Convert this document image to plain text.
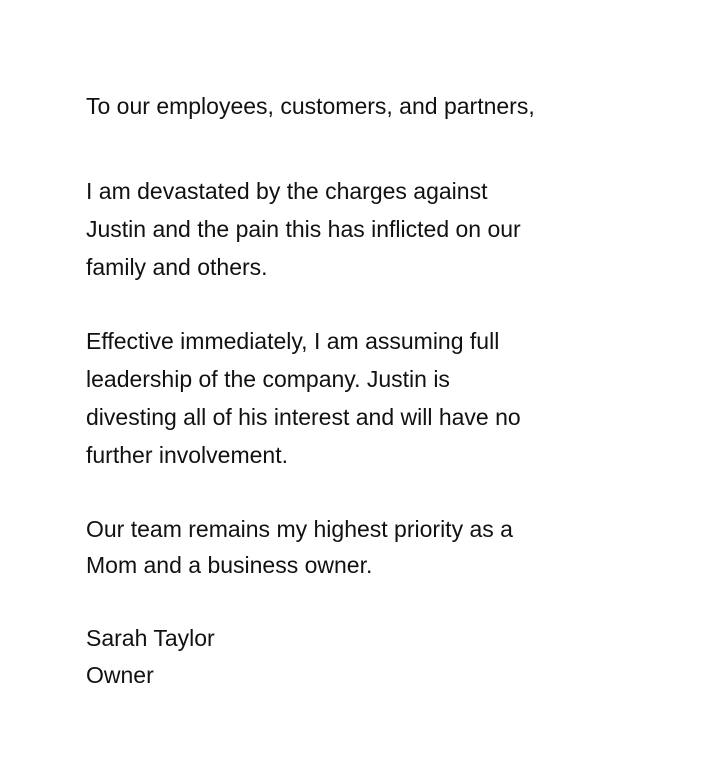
To our employees, customers, and partners,
I am devastated by the charges against
Justin and the pain this has inflicted on our
family and others.
Effective immediately, I am assuming full
leadership of the company. Justin is
divesting all of his interest and will have no
further involvement.
Our team remains my highest priority as a
Mom and a business owner.
Sarah Taylor
Owner
